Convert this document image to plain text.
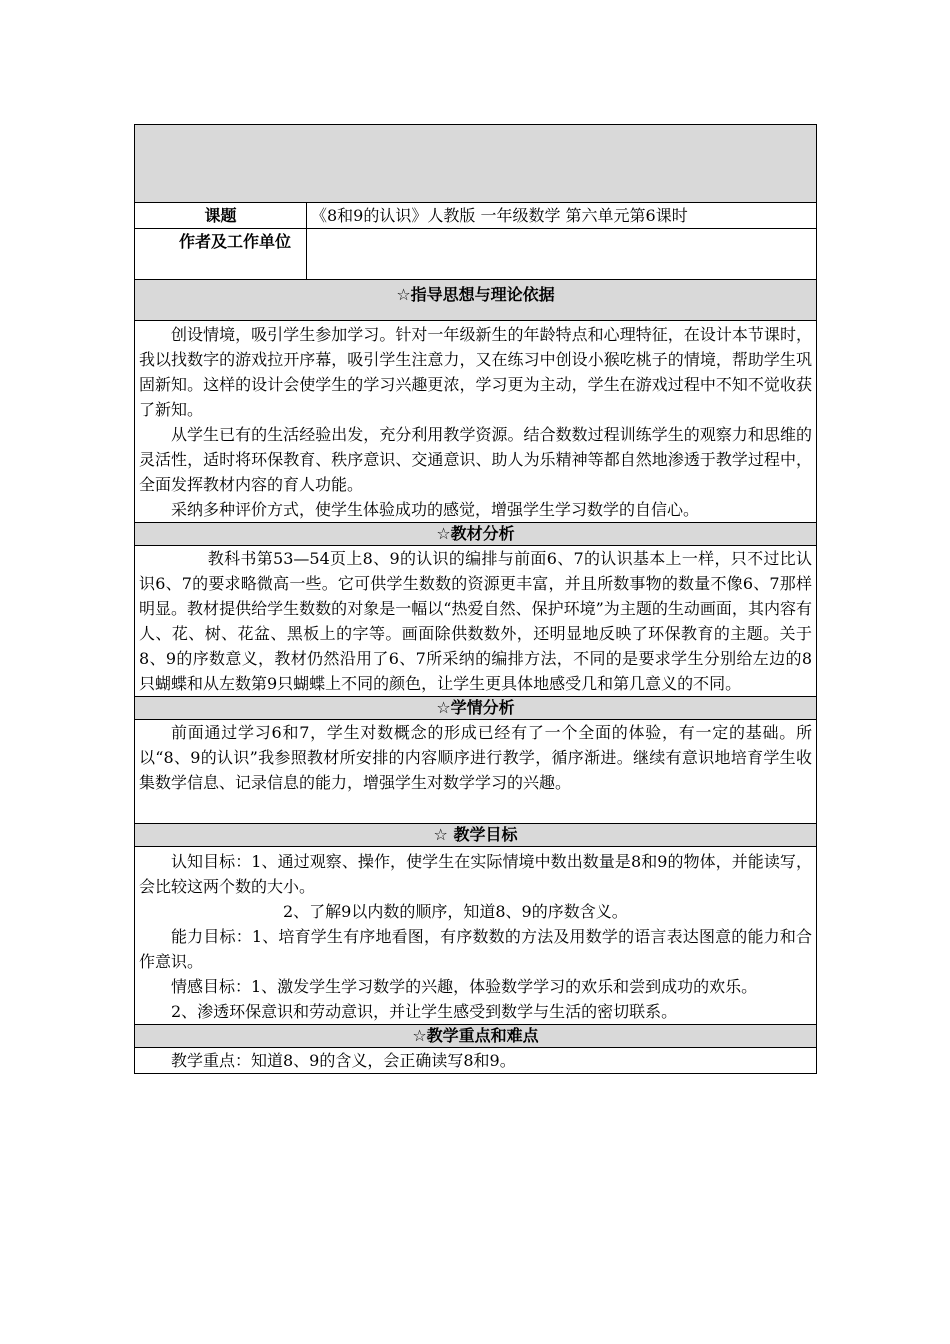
课题	《8和9的认识》人教版 一年级数学 第六单元第6课时
作者及工作单位	
☆指导思想与理论依据	

创设情境，吸引学生参加学习。针对一年级新生的年龄特点和心理特征，在设计本节课时，我以找数字的游戏拉开序幕，吸引学生注意力，又在练习中创设小猴吃桃子的情境，帮助学生巩固新知。这样的设计会使学生的学习兴趣更浓，学习更为主动，学生在游戏过程中不知不觉收获了新知。

从学生已有的生活经验出发，充分利用教学资源。结合数数过程训练学生的观察力和思维的灵活性，适时将环保教育、秩序意识、交通意识、助人为乐精神等都自然地渗透于教学过程中，全面发挥教材内容的育人功能。

采纳多种评价方式，使学生体验成功的感觉，增强学生学习数学的自信心。	

☆教材分析	

教科书第53—54页上8、9的认识的编排与前面6、7的认识基本上一样，只不过比认识6、7的要求略微高一些。它可供学生数数的资源更丰富，并且所数事物的数量不像6、7那样明显。教材提供给学生数数的对象是一幅以“热爱自然、保护环境”为主题的生动画面，其内容有人、花、树、花盆、黑板上的字等。画面除供数数外，还明显地反映了环保教育的主题。关于8、9的序数意义，教材仍然沿用了6、7所采纳的编排方法，不同的是要求学生分别给左边的8只蝴蝶和从左数第9只蝴蝶上不同的颜色，让学生更具体地感受几和第几意义的不同。	

☆学情分析	

前面通过学习6和7，学生对数概念的形成已经有了一个全面的体验，有一定的基础。所以“8、9的认识”我参照教材所安排的内容顺序进行教学，循序渐进。继续有意识地培育学生收集数学信息、记录信息的能力，增强学生对数学学习的兴趣。	

☆ 教学目标	

认知目标：1、通过观察、操作，使学生在实际情境中数出数量是8和9的物体，并能读写，会比较这两个数的大小。

2、了解9以内数的顺序，知道8、9的序数含义。

能力目标：1、培育学生有序地看图，有序数数的方法及用数学的语言表达图意的能力和合作意识。

情感目标：1、激发学生学习数学的兴趣，体验数学学习的欢乐和尝到成功的欢乐。

2、渗透环保意识和劳动意识，并让学生感受到数学与生活的密切联系。	

☆教学重点和难点	

教学重点：知道8、9的含义，会正确读写8和9。	
